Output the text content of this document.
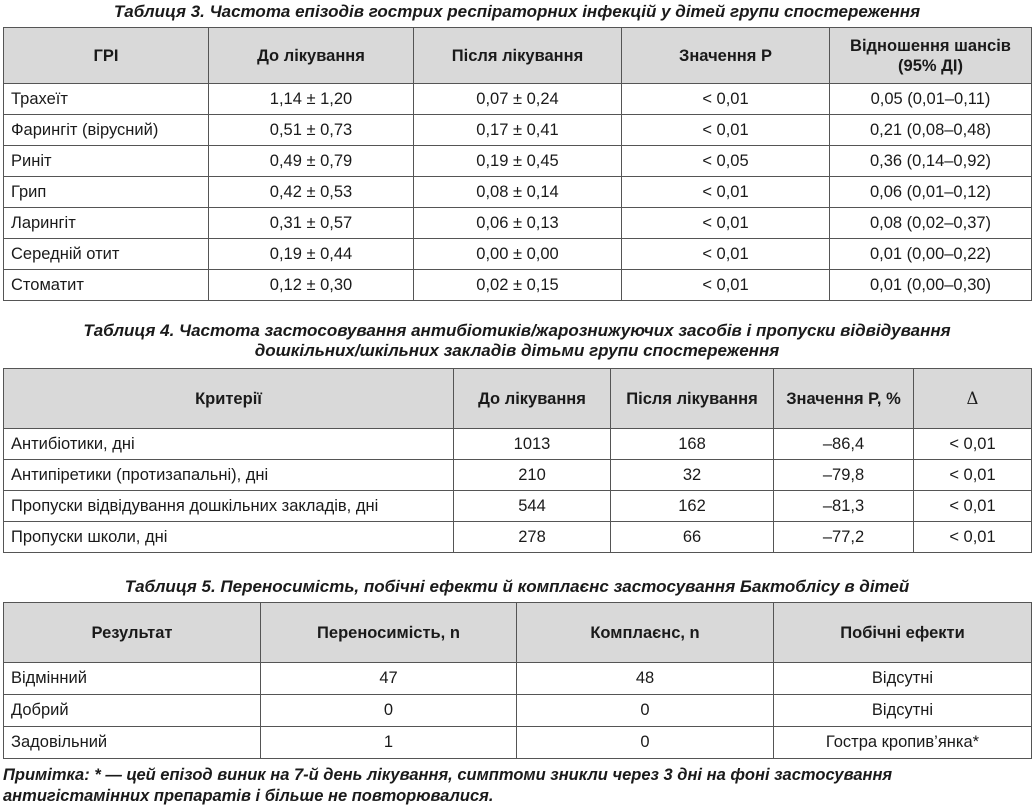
Таблиця 3. Частота епізодів гострих респіраторних інфекцій у дітей групи спостереження
ГРІ	До лікування	Після лікування	Значення Р	Відношення шансів (95% ДІ)
Трахеїт	1,14 ± 1,20	0,07 ± 0,24	< 0,01	0,05 (0,01–0,11)
Фарингіт (вірусний)	0,51 ± 0,73	0,17 ± 0,41	< 0,01	0,21 (0,08–0,48)
Риніт	0,49 ± 0,79	0,19 ± 0,45	< 0,05	0,36 (0,14–0,92)
Грип	0,42 ± 0,53	0,08 ± 0,14	< 0,01	0,06 (0,01–0,12)
Ларингіт	0,31 ± 0,57	0,06 ± 0,13	< 0,01	0,08 (0,02–0,37)
Середній отит	0,19 ± 0,44	0,00 ± 0,00	< 0,01	0,01 (0,00–0,22)
Стоматит	0,12 ± 0,30	0,02 ± 0,15	< 0,01	0,01 (0,00–0,30)
Таблиця 4. Частота застосовування антибіотиків/жарознижуючих засобів і пропуски відвідування
дошкільних/шкільних закладів дітьми групи спостереження
Критерії	До лікування	Після лікування	Значення Р, %	Δ
Антибіотики, дні	1013	168	–86,4	< 0,01
Антипіретики (протизапальні), дні	210	32	–79,8	< 0,01
Пропуски відвідування дошкільних закладів, дні	544	162	–81,3	< 0,01
Пропуски школи, дні	278	66	–77,2	< 0,01
Таблиця 5. Переносимість, побічні ефекти й комплаєнс застосування Бактоблісу в дітей
Результат	Переносимість, n	Комплаєнс, n	Побічні ефекти
Відмінний	47	48	Відсутні
Добрий	0	0	Відсутні
Задовільний	1	0	Гостра кропив’янка*
Примітка: * — цей епізод виник на 7-й день лікування, симптоми зникли через 3 дні на фоні застосування
антигістамінних препаратів і більше не повторювалися.
